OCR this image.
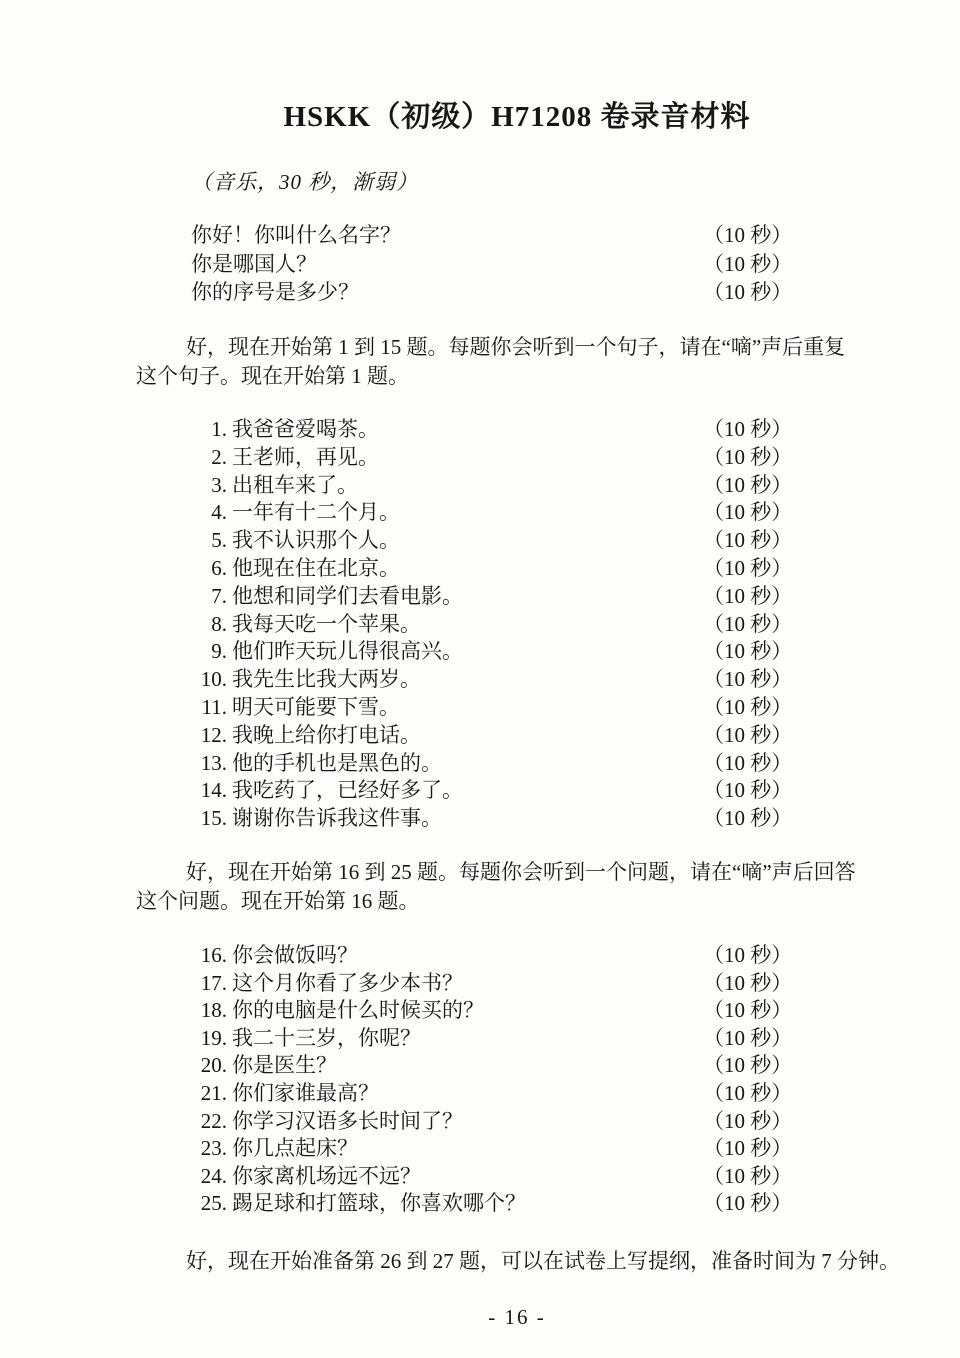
HSKK（初级）H71208 卷录音材料
（音乐，30 秒，渐弱）
你好！你叫什么名字？	（10 秒）
你是哪国人？	（10 秒）
你的序号是多少？	（10 秒）
好，现在开始第 1 到 15 题。每题你会听到一个句子，请在“嘀”声后重复
这个句子。现在开始第 1 题。
1. 我爸爸爱喝茶。	（10 秒）
2. 王老师，再见。	（10 秒）
3. 出租车来了。	（10 秒）
4. 一年有十二个月。	（10 秒）
5. 我不认识那个人。	（10 秒）
6. 他现在住在北京。	（10 秒）
7. 他想和同学们去看电影。	（10 秒）
8. 我每天吃一个苹果。	（10 秒）
9. 他们昨天玩儿得很高兴。	（10 秒）
10. 我先生比我大两岁。	（10 秒）
11. 明天可能要下雪。	（10 秒）
12. 我晚上给你打电话。	（10 秒）
13. 他的手机也是黑色的。	（10 秒）
14. 我吃药了，已经好多了。	（10 秒）
15. 谢谢你告诉我这件事。	（10 秒）
好，现在开始第 16 到 25 题。每题你会听到一个问题，请在“嘀”声后回答
这个问题。现在开始第 16 题。
16. 你会做饭吗？	（10 秒）
17. 这个月你看了多少本书？	（10 秒）
18. 你的电脑是什么时候买的？	（10 秒）
19. 我二十三岁，你呢？	（10 秒）
20. 你是医生？	（10 秒）
21. 你们家谁最高？	（10 秒）
22. 你学习汉语多长时间了？	（10 秒）
23. 你几点起床？	（10 秒）
24. 你家离机场远不远？	（10 秒）
25. 踢足球和打篮球，你喜欢哪个？	（10 秒）
好，现在开始准备第 26 到 27 题，可以在试卷上写提纲，准备时间为 7 分钟。
- 16 -
